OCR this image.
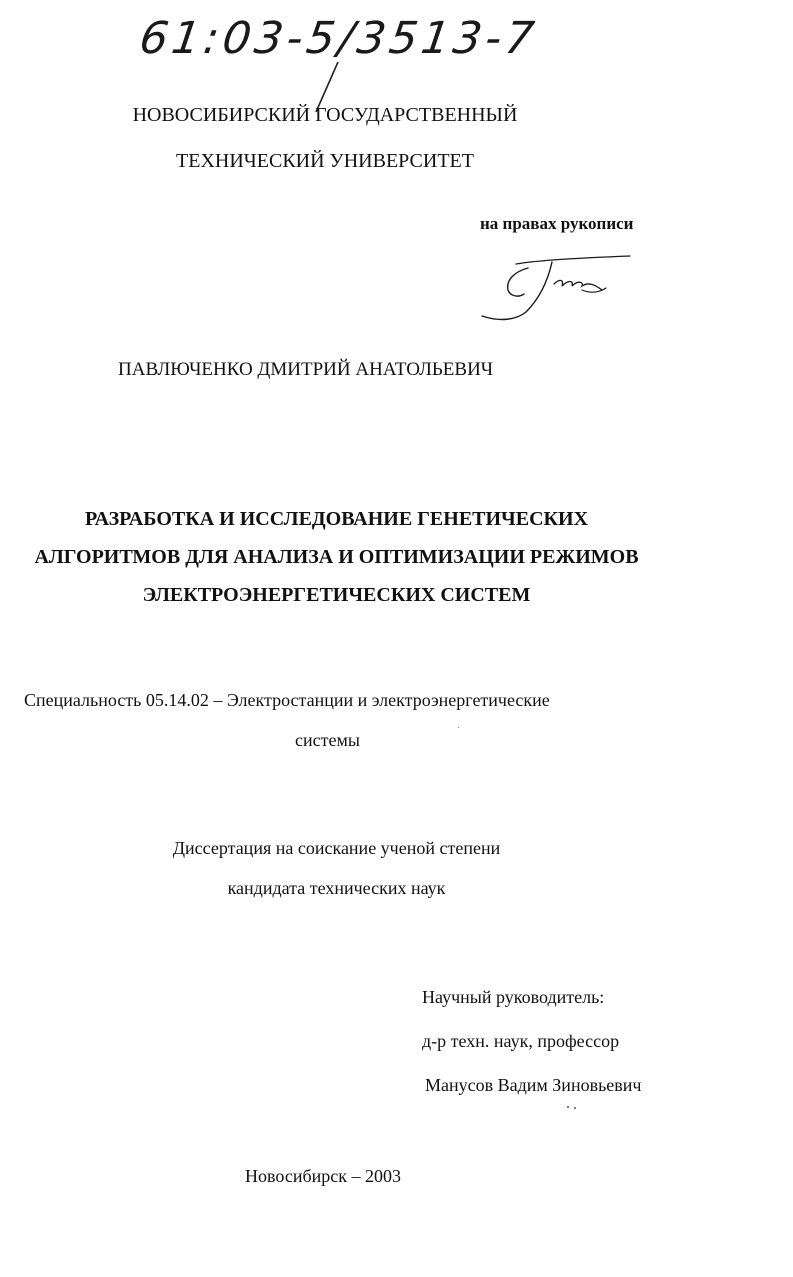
61:03-5/3513-7
НОВОСИБИРСКИЙ ГОСУДАРСТВЕННЫЙ
ТЕХНИЧЕСКИЙ УНИВЕРСИТЕТ
на правах рукописи
ПАВЛЮЧЕНКО ДМИТРИЙ АНАТОЛЬЕВИЧ
РАЗРАБОТКА И ИССЛЕДОВАНИЕ ГЕНЕТИЧЕСКИХ
АЛГОРИТМОВ ДЛЯ АНАЛИЗА И ОПТИМИЗАЦИИ РЕЖИМОВ
ЭЛЕКТРОЭНЕРГЕТИЧЕСКИХ СИСТЕМ
Специальность 05.14.02 – Электростанции и электроэнергетические
системы
Диссертация на соискание ученой степени
кандидата технических наук
Научный руководитель:
д-р техн. наук, профессор
Манусов Вадим Зиновьевич
Новосибирск – 2003
